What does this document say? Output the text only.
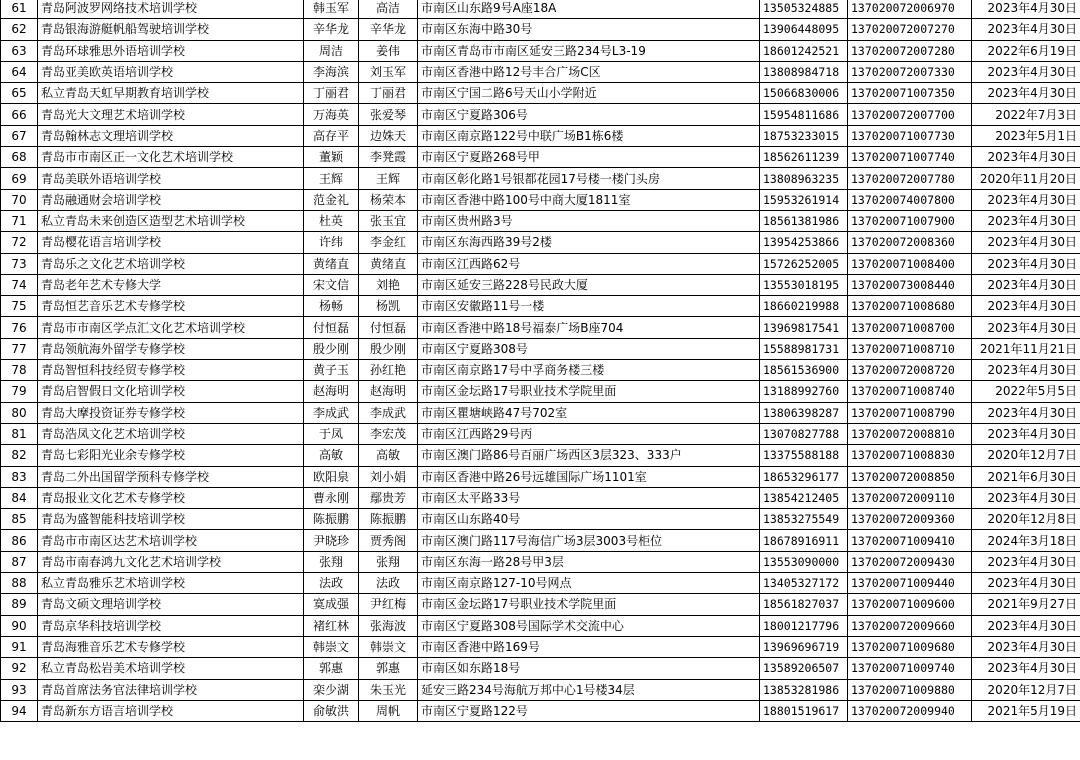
61	青岛阿波罗网络技术培训学校	韩玉军	高洁	市南区山东路9号A座18A	13505324885	137020072006970	2023年4月30日
62	青岛银海游艇帆船驾驶培训学校	辛华龙	辛华龙	市南区东海中路30号	13906448095	137020072007270	2023年4月30日
63	青岛环球雅思外语培训学校	周洁	姜伟	市南区青岛市市南区延安三路234号L3-19	18601242521	137020072007280	2022年6月19日
64	青岛亚美欧英语培训学校	李海滨	刘玉军	市南区香港中路12号丰合广场C区	13808984718	137020072007330	2023年4月30日
65	私立青岛天虹早期教育培训学校	丁丽君	丁丽君	市南区宁国二路6号天山小学附近	15066830006	137020071007350	2023年4月30日
66	青岛光大文理艺术培训学校	万海英	张爱琴	市南区宁夏路306号	15954811686	137020072007700	2022年7月3日
67	青岛翰林志文理培训学校	高存平	边姝天	市南区南京路122号中联广场B1栋6楼	18753233015	137020071007730	2023年5月1日
68	青岛市市南区正一文化艺术培训学校	董颖	李凳霞	市南区宁夏路268号甲	18562611239	137020071007740	2023年4月30日
69	青岛美联外语培训学校	王辉	王辉	市南区彰化路1号银都花园17号楼一楼门头房	13808963235	137020072007780	2020年11月20日
70	青岛融通财会培训学校	范金礼	杨荣本	市南区香港中路100号中商大厦1811室	15953261914	137020074007800	2023年4月30日
71	私立青岛未来创造区造型艺术培训学校	杜英	张玉宜	市南区贵州路3号	18561381986	137020071007900	2023年4月30日
72	青岛樱花语言培训学校	许纬	李金红	市南区东海西路39号2楼	13954253866	137020072008360	2023年4月30日
73	青岛乐之文化艺术培训学校	黄绪直	黄绪直	市南区江西路62号	15726252005	137020071008400	2023年4月30日
74	青岛老年艺术专修大学	宋文信	刘艳	市南区延安三路228号民政大厦	13553018195	137020073008440	2023年4月30日
75	青岛恒艺音乐艺术专修学校	杨畅	杨凯	市南区安徽路11号一楼	18660219988	137020071008680	2023年4月30日
76	青岛市市南区学点汇文化艺术培训学校	付恒磊	付恒磊	市南区香港中路18号福泰广场B座704	13969817541	137020071008700	2023年4月30日
77	青岛领航海外留学专修学校	殷少刚	殷少刚	市南区宁夏路308号	15588981731	137020071008710	2021年11月21日
78	青岛智恒科技经贸专修学校	黄子玉	孙红艳	市南区南京路17号中孚商务楼三楼	18561536900	137020072008720	2023年4月30日
79	青岛启智假日文化培训学校	赵海明	赵海明	市南区金坛路17号职业技术学院里面	13188992760	137020071008740	2022年5月5日
80	青岛大摩投资证券专修学校	李成武	李成武	市南区瞿塘峡路47号702室	13806398287	137020071008790	2023年4月30日
81	青岛浩凤文化艺术培训学校	于凤	李宏茂	市南区江西路29号丙	13070827788	137020072008810	2023年4月30日
82	青岛七彩阳光业余专修学校	高敏	高敏	市南区澳门路86号百丽广场西区3层323、333户	13375588188	137020071008830	2020年12月7日
83	青岛二外出国留学预科专修学校	欧阳泉	刘小娟	市南区香港中路26号远雄国际广场1101室	18653296177	137020072008850	2021年6月30日
84	青岛报业文化艺术专修学校	曹永刚	鄢贵芳	市南区太平路33号	13854212405	137020072009110	2023年4月30日
85	青岛为盛智能科技培训学校	陈振鹏	陈振鹏	市南区山东路40号	13853275549	137020072009360	2020年12月8日
86	青岛市市南区达艺术培训学校	尹晓珍	贾秀阁	市南区澳门路117号海信广场3层3003号柜位	18678916911	137020071009410	2024年3月18日
87	青岛市南春鸿九文化艺术培训学校	张翔	张翔	市南区东海一路28号甲3层	13553090000	137020072009430	2023年4月30日
88	私立青岛雅乐艺术培训学校	法政	法政	市南区南京路127-10号网点	13405327172	137020071009440	2023年4月30日
89	青岛文硕文理培训学校	寞成强	尹红梅	市南区金坛路17号职业技术学院里面	18561827037	137020071009600	2021年9月27日
90	青岛京华科技培训学校	褚红林	张海波	市南区宁夏路308号国际学术交流中心	18001217796	137020072009660	2023年4月30日
91	青岛海雅音乐艺术专修学校	韩崇文	韩崇文	市南区香港中路169号	13969696719	137020071009680	2023年4月30日
92	私立青岛松岩美术培训学校	郭惠	郭惠	市南区如东路18号	13589206507	137020071009740	2023年4月30日
93	青岛首席法务官法律培训学校	栾少湖	朱玉光	延安三路234号海航万邦中心1号楼34层	13853281986	137020071009880	2020年12月7日
94	青岛新东方语言培训学校	俞敏洪	周帆	市南区宁夏路122号	18801519617	137020072009940	2021年5月19日
